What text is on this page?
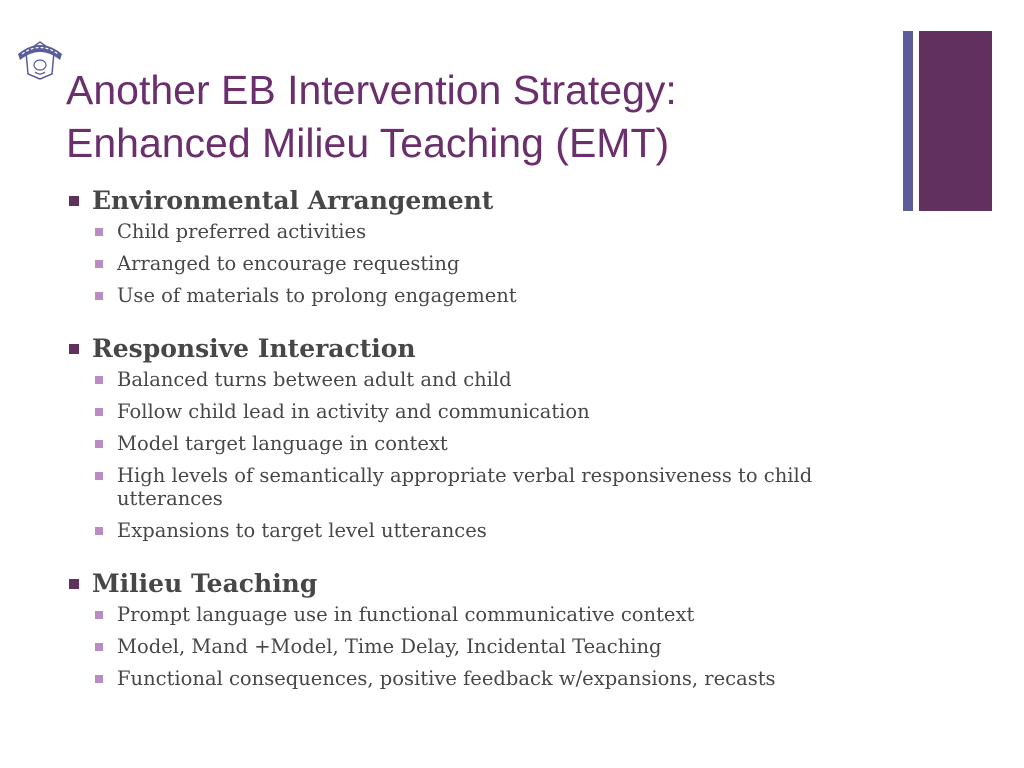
Another EB Intervention Strategy:
Enhanced Milieu Teaching (EMT)
Environmental Arrangement
Child preferred activities
Arranged to encourage requesting
Use of materials to prolong engagement
Responsive Interaction
Balanced turns between adult and child
Follow child lead in activity and communication
Model target language in context
High levels of semantically appropriate verbal responsiveness to child utterances
Expansions to target level utterances
Milieu Teaching
Prompt language use in functional communicative context
Model, Mand +Model, Time Delay, Incidental Teaching
Functional consequences, positive feedback w/expansions, recasts
